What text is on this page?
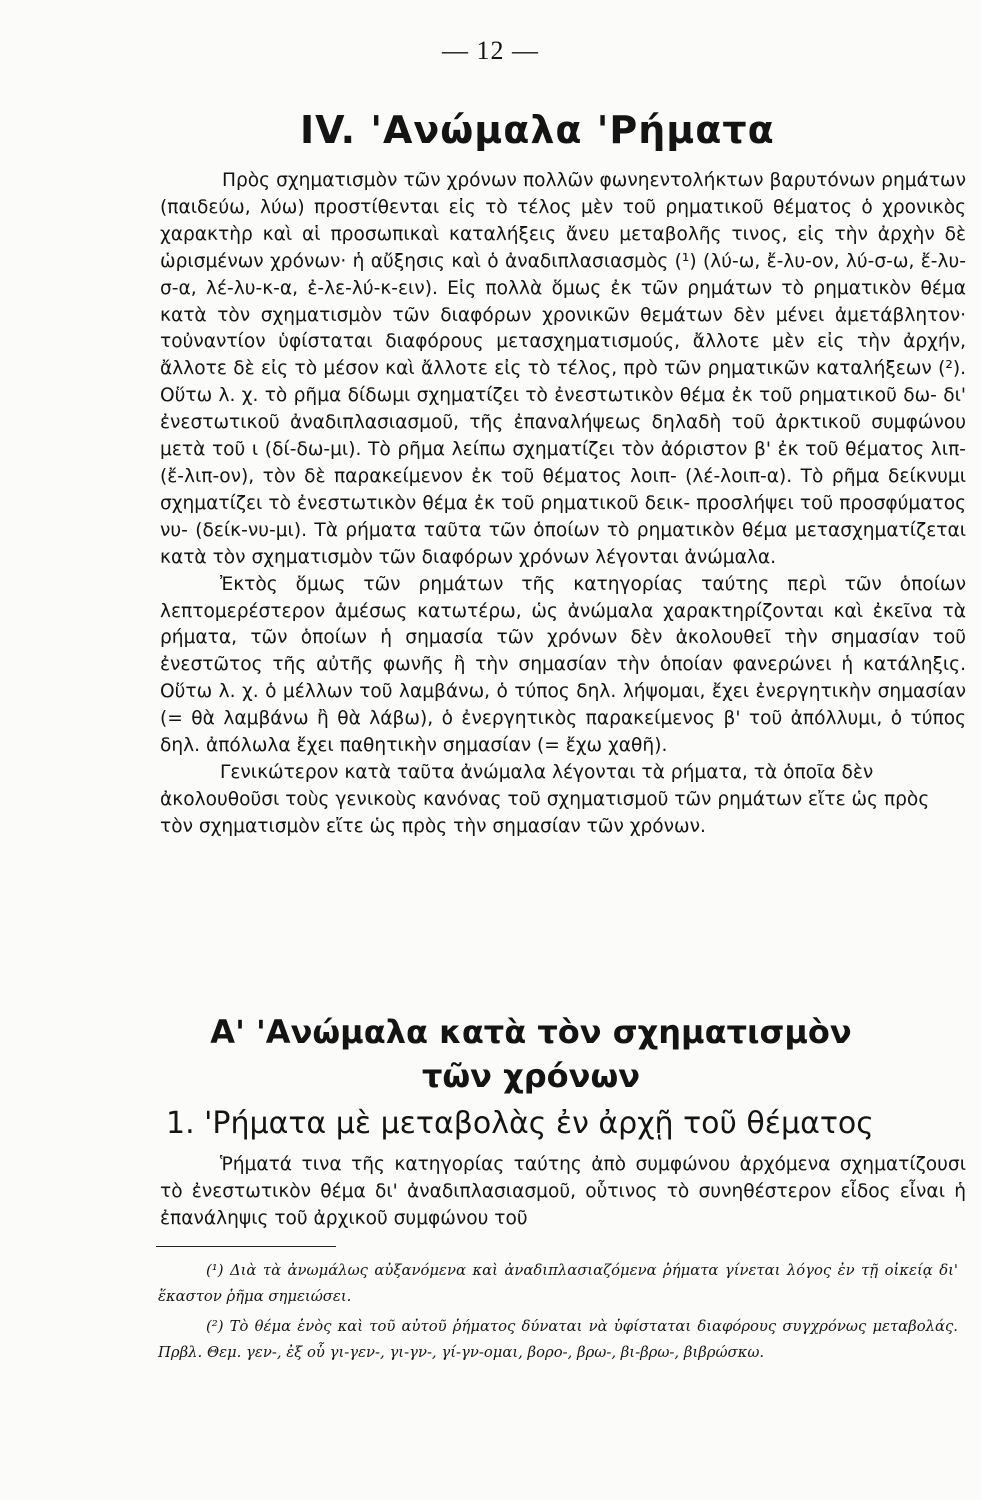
— 12 —
IV. 'Ανώμαλα 'Ρήματα

Πρὸς σχηματισμὸν τῶν χρόνων πολλῶν φωνηεντολήκτων βαρυτόνων ρημάτων (παιδεύω, λύω) προστίθενται εἰς τὸ τέλος μὲν τοῦ ρηματικοῦ θέματος ὁ χρονικὸς χαρακτὴρ καὶ αἱ προσωπικαὶ καταλήξεις ἄνευ μεταβολῆς τινος, εἰς τὴν ἀρχὴν δὲ ὡρισμένων χρόνων· ἡ αὔξησις καὶ ὁ ἀναδιπλασιασμὸς (¹) (λύ-ω, ἔ-λυ-ον, λύ-σ-ω, ἔ-λυ-σ-α, λέ-λυ-κ-α, ἐ-λε-λύ-κ-ειν). Εἰς πολλὰ ὅμως ἐκ τῶν ρημάτων τὸ ρηματικὸν θέμα κατὰ τὸν σχηματισμὸν τῶν διαφόρων χρονικῶν θεμάτων δὲν μένει ἀμετάβλητον· τοὐναντίον ὑφίσταται διαφόρους μετασχηματισμούς, ἄλλοτε μὲν εἰς τὴν ἀρχήν, ἄλλοτε δὲ εἰς τὸ μέσον καὶ ἄλλοτε εἰς τὸ τέλος, πρὸ τῶν ρηματικῶν καταλήξεων (²). Οὕτω λ. χ. τὸ ρῆμα δίδωμι σχηματίζει τὸ ἐνεστωτικὸν θέμα ἐκ τοῦ ρηματικοῦ δω- δι' ἐνεστωτικοῦ ἀναδιπλασιασμοῦ, τῆς ἐπαναλήψεως δηλαδὴ τοῦ ἀρκτικοῦ συμφώνου μετὰ τοῦ ι (δί-δω-μι). Τὸ ρῆμα λείπω σχηματίζει τὸν ἀόριστον β' ἐκ τοῦ θέματος λιπ- (ἔ-λιπ-ον), τὸν δὲ παρακείμενον ἐκ τοῦ θέματος λοιπ- (λέ-λοιπ-α). Τὸ ρῆμα δείκνυμι σχηματίζει τὸ ἐνεστωτικὸν θέμα ἐκ τοῦ ρηματικοῦ δεικ- προσλήψει τοῦ προσφύματος νυ- (δείκ-νυ-μι). Τὰ ρήματα ταῦτα τῶν ὁποίων τὸ ρηματικὸν θέμα μετασχηματίζεται κατὰ τὸν σχηματισμὸν τῶν διαφόρων χρόνων λέγονται ἀνώμαλα.

Ἐκτὸς ὅμως τῶν ρημάτων τῆς κατηγορίας ταύτης περὶ τῶν ὁποίων λεπτομερέστερον ἀμέσως κατωτέρω, ὡς ἀνώμαλα χαρακτηρίζονται καὶ ἐκεῖνα τὰ ρήματα, τῶν ὁποίων ἡ σημασία τῶν χρόνων δὲν ἀκολουθεῖ τὴν σημασίαν τοῦ ἐνεστῶτος τῆς αὐτῆς φωνῆς ἢ τὴν σημασίαν τὴν ὁποίαν φανερώνει ἡ κατάληξις. Οὕτω λ. χ. ὁ μέλλων τοῦ λαμβάνω, ὁ τύπος δηλ. λήψομαι, ἔχει ἐνεργητικὴν σημασίαν (= θὰ λαμβάνω ἢ θὰ λάβω), ὁ ἐνεργητικὸς παρακείμενος β' τοῦ ἀπόλλυμι, ὁ τύπος δηλ. ἀπόλωλα ἔχει παθητικὴν σημασίαν (= ἔχω χαθῆ).

Γενικώτερον κατὰ ταῦτα ἀνώμαλα λέγονται τὰ ρήματα, τὰ ὁποῖα δὲν ἀκολουθοῦσι τοὺς γενικοὺς κανόνας τοῦ σχηματισμοῦ τῶν ρημάτων εἴτε ὡς πρὸς τὸν σχηματισμὸν εἴτε ὡς πρὸς τὴν σημασίαν τῶν χρόνων.

Α' 'Ανώμαλα κατὰ τὸν σχηματισμὸν
τῶν χρόνων
1. 'Ρήματα μὲ μεταβολὰς ἐν ἀρχῇ τοῦ θέματος

Ῥήματά τινα τῆς κατηγορίας ταύτης ἀπὸ συμφώνου ἀρχόμενα σχηματίζουσι τὸ ἐνεστωτικὸν θέμα δι' ἀναδιπλασιασμοῦ, οὗτινος τὸ συνηθέστερον εἶδος εἶναι ἡ ἐπανάληψις τοῦ ἀρχικοῦ συμφώνου τοῦ

(¹) Διὰ τὰ ἀνωμάλως αὐξανόμενα καὶ ἀναδιπλασιαζόμενα ῥήματα γίνεται λόγος ἐν τῇ οἰκείᾳ δι' ἕκαστον ῥῆμα σημειώσει.

(²) Τὸ θέμα ἑνὸς καὶ τοῦ αὐτοῦ ῥήματος δύναται νὰ ὑφίσταται διαφόρους συγχρόνως μεταβολάς. Πρβλ. Θεμ. γεν-, ἐξ οὗ γι-γεν-, γι-γν-, γί-γν-ομαι, βορο-, βρω-, βι-βρω-, βιβρώσκω.
